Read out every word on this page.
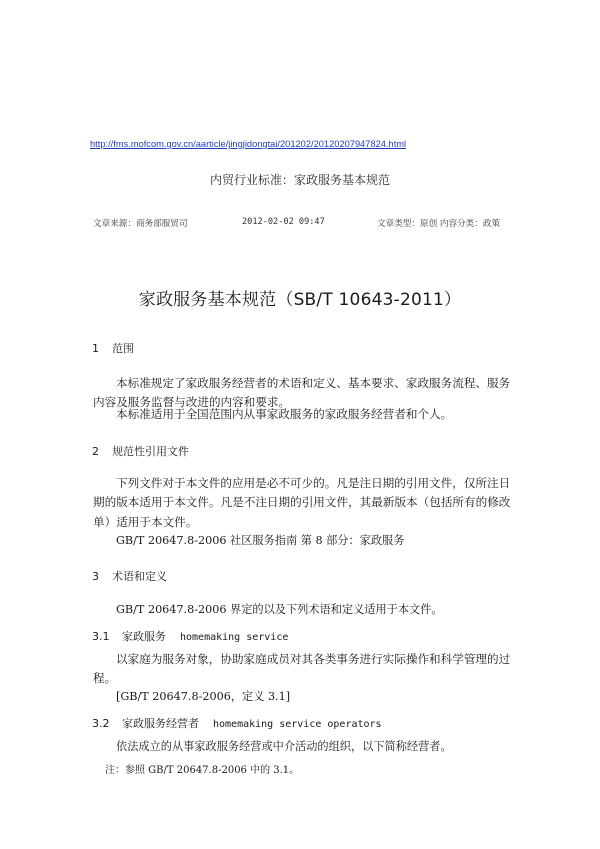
http://fms.mofcom.gov.cn/aarticle/jingjidongtai/201202/20120207947824.html
内贸行业标准：家政服务基本规范
文章来源：商务部服贸司	2012-02-02 09:47	文章类型：原创 内容分类：政策
家政服务基本规范（SB/T 10643-2011）
1 范围
本标准规定了家政服务经营者的术语和定义、基本要求、家政服务流程、服务内容及服务监督与改进的内容和要求。
本标准适用于全国范围内从事家政服务的家政服务经营者和个人。
2 规范性引用文件
下列文件对于本文件的应用是必不可少的。凡是注日期的引用文件，仅所注日期的版本适用于本文件。凡是不注日期的引用文件，其最新版本（包括所有的修改单）适用于本文件。
GB/T 20647.8-2006 社区服务指南 第 8 部分：家政服务
3 术语和定义
GB/T 20647.8-2006 界定的以及下列术语和定义适用于本文件。
3.1 家政服务 homemaking service
以家庭为服务对象，协助家庭成员对其各类事务进行实际操作和科学管理的过程。
[GB/T 20647.8-2006，定义 3.1]
3.2 家政服务经营者 homemaking service operators
依法成立的从事家政服务经营或中介活动的组织，以下简称经营者。
注：参照 GB/T 20647.8-2006 中的 3.1。
